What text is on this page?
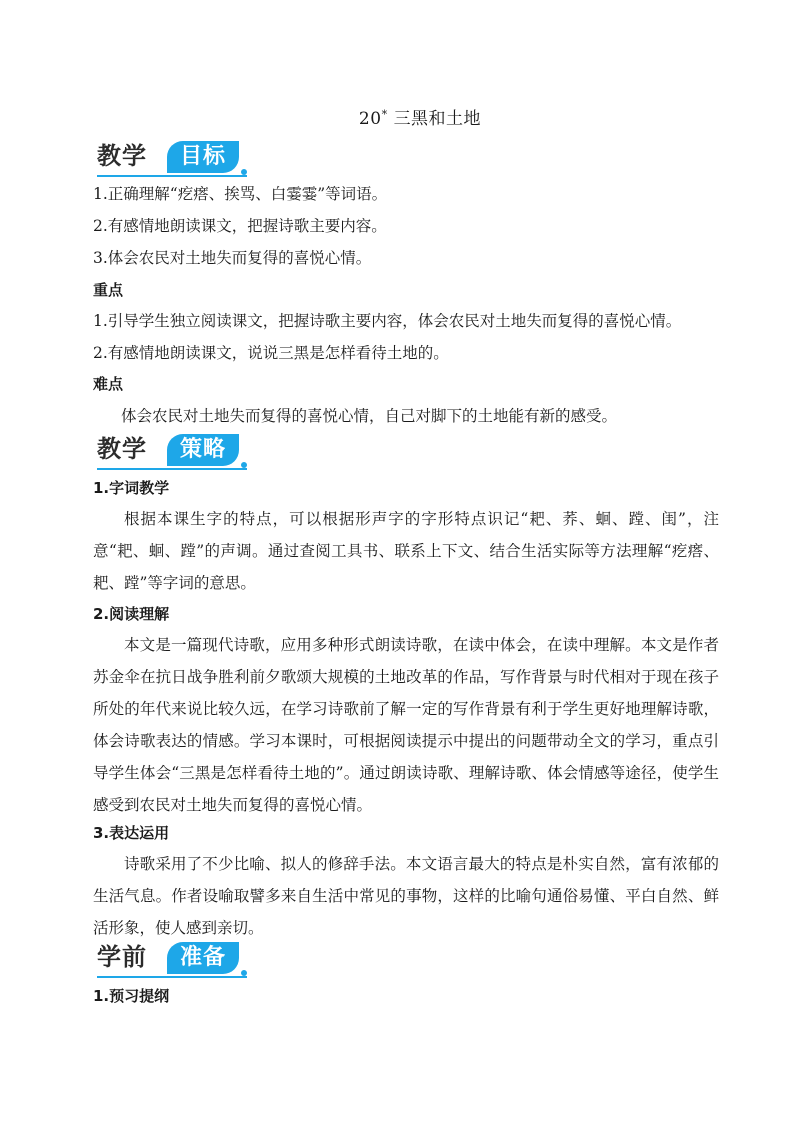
20* 三黑和土地
教学	目标
1.正确理解“疙瘩、挨骂、白霎霎”等词语。
2.有感情地朗读课文，把握诗歌主要内容。
3.体会农民对土地失而复得的喜悦心情。
重点
1.引导学生独立阅读课文，把握诗歌主要内容，体会农民对土地失而复得的喜悦心情。
2.有感情地朗读课文，说说三黑是怎样看待土地的。
难点
体会农民对土地失而复得的喜悦心情，自己对脚下的土地能有新的感受。
教学	策略
1.字词教学
根据本课生字的特点，可以根据形声字的字形特点识记“耙、荞、蛔、蹚、闺”，注意“耙、蛔、蹚”的声调。通过查阅工具书、联系上下文、结合生活实际等方法理解“疙瘩、耙、蹚”等字词的意思。
2.阅读理解
本文是一篇现代诗歌，应用多种形式朗读诗歌，在读中体会，在读中理解。本文是作者苏金伞在抗日战争胜利前夕歌颂大规模的土地改革的作品，写作背景与时代相对于现在孩子所处的年代来说比较久远，在学习诗歌前了解一定的写作背景有利于学生更好地理解诗歌，体会诗歌表达的情感。学习本课时，可根据阅读提示中提出的问题带动全文的学习，重点引导学生体会“三黑是怎样看待土地的”。通过朗读诗歌、理解诗歌、体会情感等途径，使学生感受到农民对土地失而复得的喜悦心情。
3.表达运用
诗歌采用了不少比喻、拟人的修辞手法。本文语言最大的特点是朴实自然，富有浓郁的生活气息。作者设喻取譬多来自生活中常见的事物，这样的比喻句通俗易懂、平白自然、鲜活形象，使人感到亲切。
学前	准备
1.预习提纲
